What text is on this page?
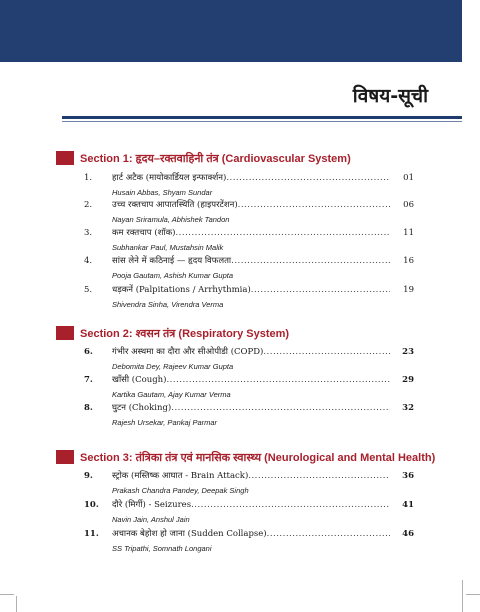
विषय-सूची
Section 1: हृदय–रक्तवाहिनी तंत्र (Cardiovascular System)
1.	हार्ट अटैक (मायोकार्डियल इन्फार्क्शन) .....	01
Husain Abbas, Shyam Sundar
2.	उच्च रक्तचाप आपातस्थिति (हाइपरटेंशन) .....	06
Nayan Sriramula, Abhishek Tandon
3.	कम रक्तचाप (शॉक) .....	11
Subhankar Paul, Mustahsin Malik
4.	सांस लेने में कठिनाई — हृदय विफलता .....	16
Pooja Gautam, Ashish Kumar Gupta
5.	धड़कनें (Palpitations / Arrhythmia) .....	19
Shivendra Sinha, Virendra Verma
Section 2: श्वसन तंत्र (Respiratory System)
6.	गंभीर अस्थमा का दौरा और सीओपीडी (COPD) .....	23
Debomita Dey, Rajeev Kumar Gupta
7.	खाँसी (Cough) .....	29
Kartika Gautam, Ajay Kumar Verma
8.	घुटन (Choking) .....	32
Rajesh Ursekar, Pankaj Parmar
Section 3: तंत्रिका तंत्र एवं मानसिक स्वास्थ्य (Neurological and Mental Health)
9.	स्ट्रोक (मस्तिष्क आघात - Brain Attack) .....	36
Prakash Chandra Pandey, Deepak Singh
10.	दौरे (मिर्गी) - Seizures .....	41
Navin Jain, Anshul Jain
11.	अचानक बेहोश हो जाना (Sudden Collapse) .....	46
SS Tripathi, Somnath Longani
